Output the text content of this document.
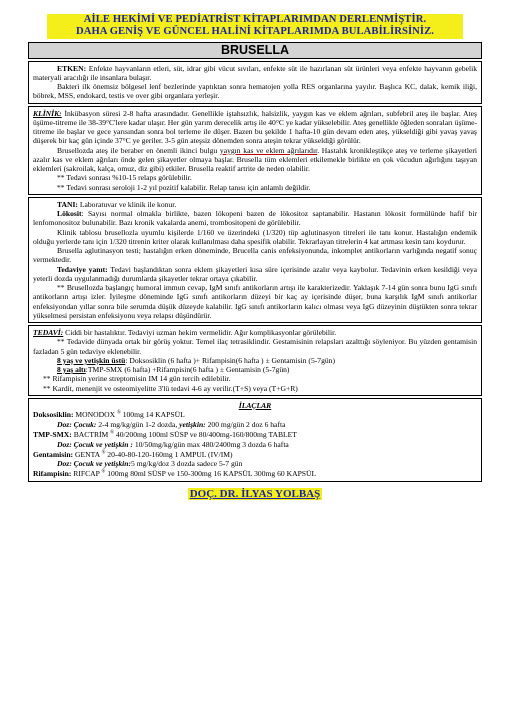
AİLE HEKİMİ VE PEDİATRİST KİTAPLARIMDAN DERLENMİŞTİR.
DAHA GENİŞ VE GÜNCEL HALİNİ KİTAPLARIMDA BULABİLİRSİNİZ.
BRUSELLA
ETKEN: Enfekte hayvanların etleri, süt, idrar gibi vücut sıvıları, enfekte süt ile hazırlanan süt ürünleri veya enfekte hayvanın gebelik materyali aracılığı ile insanlara bulaşır.
Bakteri ilk önemsiz bölgesel lenf bezlerinde yaptıktan sonra hematojen yolla RES organlarına yayılır. Başlıca KC, dalak, kemik iliği, böbrek, MSS, endokard, testis ve over gibi organlara yerleşir.
KLİNİK: İnkübasyon süresi 2-8 hafta arasındadır. Genellikle iştahsızlık, halsizlik, yaygın kas ve eklem ağrıları, subfebril ateş ile başlar. Ateş üşüme-titreme ile 38-39°C'lere kadar ulaşır. Her gün yarım derecelik artış ile 40°C ye kadar yükselebilir. Ateş genellikle öğleden sonraları üşüme-titreme ile başlar ve gece yarısından sonra bol terleme ile düşer. Bazen bu şekilde 1 hafta-10 gün devam eden ateş, yükseldiği gibi yavaş yavaş düşerek bir kaç gün içinde 37°C ye geriler. 3-5 gün ateşsiz dönemden sonra ateşin tekrar yükseldiği görülür.
Brusellozda ateş ile beraber en önemli ikinci bulgu yaygın kas ve eklem ağrılarıdır. Hastalık kronikleştikçe ateş ve terleme şikayetleri azalır kas ve eklem ağrıları önde gelen şikayetler olmaya başlar. Brusella tüm eklemleri etkilemekle birlikte en çok vücudun ağırlığını taşıyan eklemleri (sakroilak, kalça, omuz, diz gibi) etkiler. Brusella reaktif artrite de neden olabilir.
** Tedavi sonrası %10-15 relaps görülebilir.
** Tedavi sonrası seroloji 1-2 yıl pozitif kalabilir. Relap tanısı için anlamlı değildir.
TANI: Laboratuvar ve klinik ile konur.
Lökosit: Sayısı normal olmakla birlikte, bazen lökopeni bazen de lökositoz saptanabilir. Hastanın lökosit formülünde hafif bir lenfomonositoz bulunabilir. Bazı kronik vakalarda anemi, trombositopeni de görülebilir.
Klinik tablosu brusellozla uyumlu kişilerde 1/160 ve üzerindeki (1/320) tüp aglutinasyon titreleri ile tanı konur. Hastalığın endemik olduğu yerlerde tanı için 1/320 titrenin kriter olarak kullanılması daha spesifik olabilir. Tekrarlayan titrelerin 4 kat artması kesin tanı koydurur.
Brusella aglutinasyon testi; hastalığın erken döneminde, Brucella canis enfeksiyonunda, inkomplet antikorların varlığında negatif sonuç vermektedir.
Tedaviye yanıt: Tedavi başlandıktan sonra eklem şikayetleri kısa süre içerisinde azalır veya kaybolur. Tedavinin erken kesildiği veya yeterli dozda uygulanmadığı durumlarda şikayetler tekrar ortaya çıkabilir.
** Brusellozda başlangıç humoral immun cevap, IgM sınıfı antikorların artışı ile karakterizedir. Yaklaşık 7-14 gün sonra bunu IgG sınıfı antikorların artışı izler. İyileşme döneminde IgG sınıfı antikorların düzeyi bir kaç ay içerisinde düşer, buna karşılık IgM sınıfı antikorlar enfeksiyondan yıllar sonra bile serumda düşük düzeyde kalabilir. IgG sınıfı antikorların kalıcı olması veya IgG düzeyinin düştükten sonra tekrar yükselmesi persistan enfeksiyonu veya relapsı düşündürür.
TEDAVİ: Ciddi bir hastalıktır. Tedaviyi uzman hekim vermelidir. Ağır komplikasyonlar görülebilir.
** Tedavide dünyada ortak bir görüş yoktur. Temel ilaç tetrasiklindir. Gestamisinin relapsları azalttığı söyleniyor. Bu yüzden gentamisin fazladan 5 gün tedaviye eklenebilir.
8 yaş ve yetişkin üstü: Doksosiklin (6 hafta )+ Rifampisin(6 hafta ) ± Gentamisin (5-7gün)
8 yaş altı:TMP-SMX (6 hafta) +Rifampisin(6 hafta ) ± Gentamisin (5-7gün)
** Rifampisin yerine streptomisin IM 14 gün tercih edilebilir.
** Kardit, menenjit ve osteomiyelitte 3'lü tedavi 4-6 ay verilir.(T+S) veya (T+G+R)
İLAÇLAR
Doksosiklin: MONODOX ® 100mg 14 KAPSÜL
Doz: Çocuk: 2-4 mg/kg/gün 1-2 dozda, yetişkin: 200 mg/gün 2 doz 6 hafta
TMP-SMX: BACTRİM ® 40/200mg 100ml SÜSP ve 80/400mg-160/800mg TABLET
Doz: Çocuk ve yetişkin : 10/50mg/kg/gün max 480/2400mg 3 dozda 6 hafta
Gentamisin: GENTA ® 20-40-80-120-160mg 1 AMPUL (IV/IM)
Doz: Çocuk ve yetişkin:5 mg/kg/doz 3 dozda sadece 5-7 gün
Rifampisin: RIFCAP ® 100mg 80ml SÜSP ve 150-300mg 16 KAPSÜL 300mg 60 KAPSÜL
DOÇ. DR. İLYAS YOLBAŞ
